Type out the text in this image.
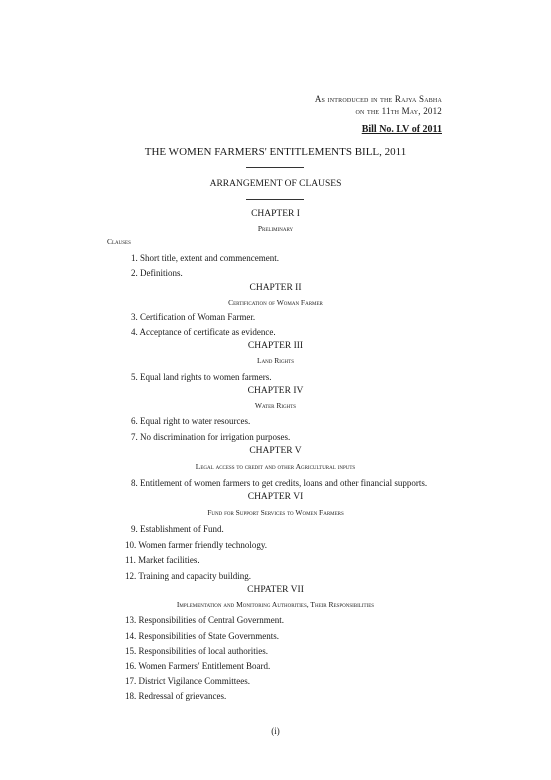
As introduced in the Rajya Sabha
on the 11th May, 2012
Bill No. LV of 2011
THE WOMEN FARMERS' ENTITLEMENTS BILL, 2011
ARRANGEMENT OF CLAUSES
CHAPTER I
Preliminary
Clauses
1. Short title, extent and commencement.
2. Definitions.
CHAPTER II
Certification of Woman Farmer
3. Certification of Woman Farmer.
4. Acceptance of certificate as evidence.
CHAPTER III
Land Rights
5. Equal land rights to women farmers.
CHAPTER IV
Water Rights
6. Equal right to water resources.
7. No discrimination for irrigation purposes.
CHAPTER V
Legal access to credit and other Agricultural inputs
8. Entitlement of women farmers to get credits, loans and other financial supports.
CHAPTER VI
Fund for Support Services to Women Farmers
9. Establishment of Fund.
10. Women farmer friendly technology.
11. Market facilities.
12. Training and capacity building.
CHPATER VII
Implementation and Monitoring Authorities, Their Responsibilities
13. Responsibilities of Central Government.
14. Responsibilities of State Governments.
15. Responsibilities of local authorities.
16. Women Farmers' Entitlement Board.
17. District Vigilance Committees.
18. Redressal of grievances.
(i)
